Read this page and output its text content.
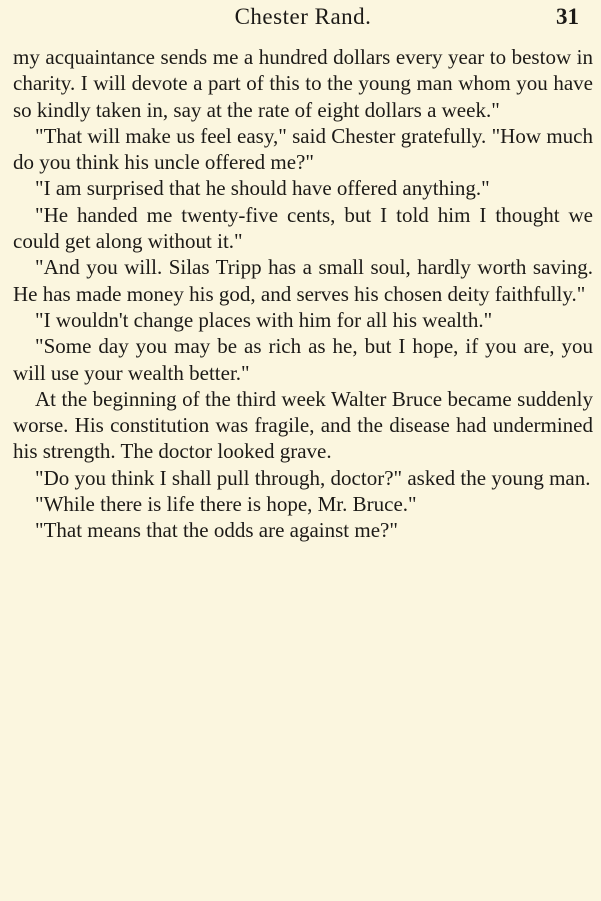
Chester Rand.	31

my acquaintance sends me a hundred dollars every year to bestow in charity. I will devote a part of this to the young man whom you have so kindly taken in, say at the rate of eight dollars a week."

"That will make us feel easy," said Chester gratefully. "How much do you think his uncle offered me?"

"I am surprised that he should have offered anything."

"He handed me twenty-five cents, but I told him I thought we could get along without it."

"And you will. Silas Tripp has a small soul, hardly worth saving. He has made money his god, and serves his chosen deity faithfully."

"I wouldn't change places with him for all his wealth."

"Some day you may be as rich as he, but I hope, if you are, you will use your wealth better."

At the beginning of the third week Walter Bruce became suddenly worse. His constitution was fragile, and the disease had undermined his strength. The doctor looked grave.

"Do you think I shall pull through, doctor?" asked the young man.

"While there is life there is hope, Mr. Bruce."

"That means that the odds are against me?"
